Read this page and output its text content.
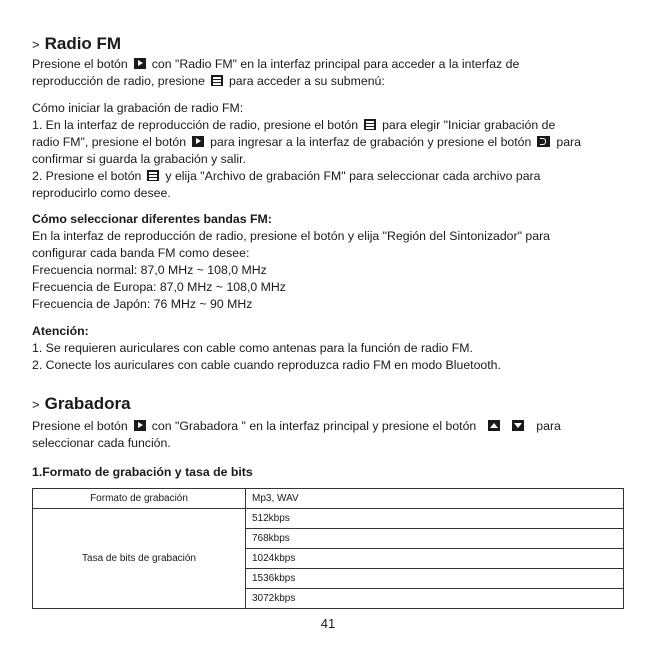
> Radio FM
Presione el botón con "Radio FM" en la interfaz principal para acceder a la interfaz de
reproducción de radio, presione para acceder a su submenú:
Cómo iniciar la grabación de radio FM:
1. En la interfaz de reproducción de radio, presione el botón para elegir "Iniciar grabación de
radio FM", presione el botón para ingresar a la interfaz de grabación y presione el botón para
confirmar si guarda la grabación y salir.
2. Presione el botón y elija "Archivo de grabación FM" para seleccionar cada archivo para
reproducirlo como desee.
Cómo seleccionar diferentes bandas FM:
En la interfaz de reproducción de radio, presione el botón y elija "Región del Sintonizador" para
configurar cada banda FM como desee:
Frecuencia normal: 87,0 MHz ~ 108,0 MHz
Frecuencia de Europa: 87,0 MHz ~ 108,0 MHz
Frecuencia de Japón: 76 MHz ~ 90 MHz
Atención:
1. Se requieren auriculares con cable como antenas para la función de radio FM.
2. Conecte los auriculares con cable cuando reproduzca radio FM en modo Bluetooth.
> Grabadora
Presione el botón con "Grabadora " en la interfaz principal y presione el botón	para
seleccionar cada función.
1.Formato de grabación y tasa de bits
Formato de grabación	Mp3, WAV
Tasa de bits de grabación	512kbps
	768kbps
	1024kbps
	1536kbps
	3072kbps
41
